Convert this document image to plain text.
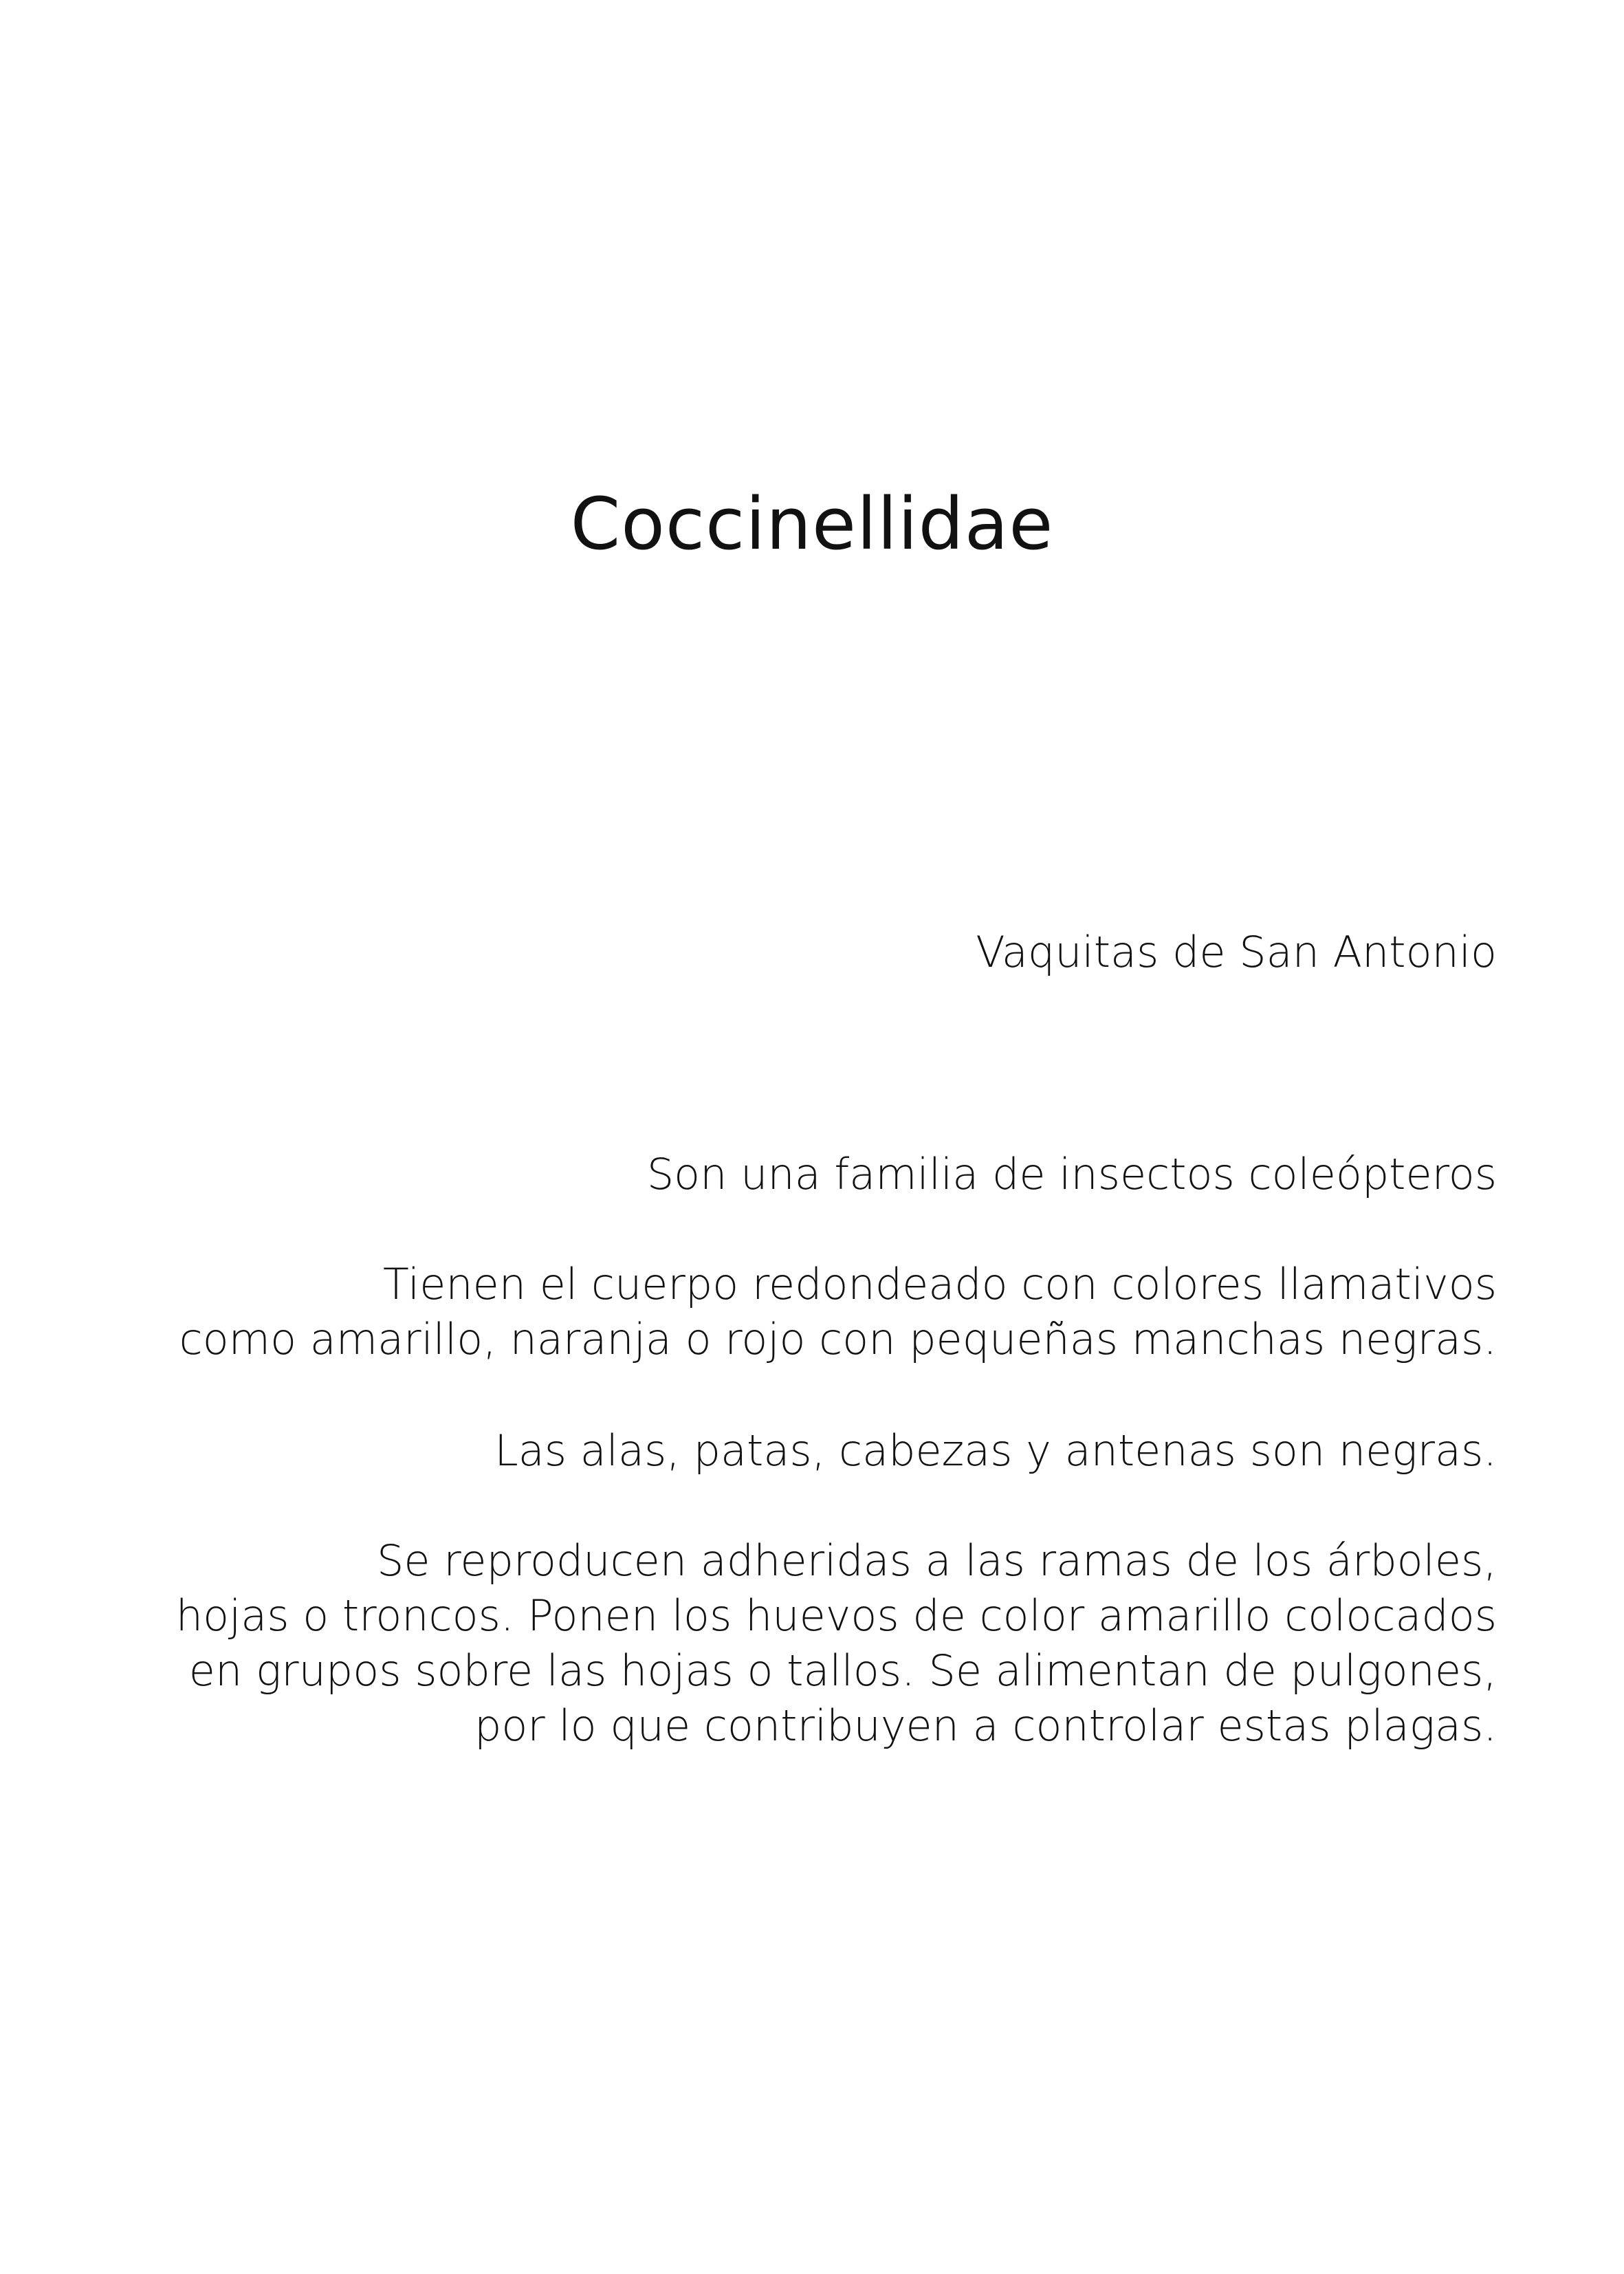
Coccinellidae

Vaquitas de San Antonio

Son una familia de insectos coleópteros

Tienen el cuerpo redondeado con colores llamativos
como amarillo, naranja o rojo con pequeñas manchas negras.

Las alas, patas, cabezas y antenas son negras.

Se reproducen adheridas a las ramas de los árboles,
hojas o troncos. Ponen los huevos de color amarillo colocados
en grupos sobre las hojas o tallos. Se alimentan de pulgones,
por lo que contribuyen a controlar estas plagas.
